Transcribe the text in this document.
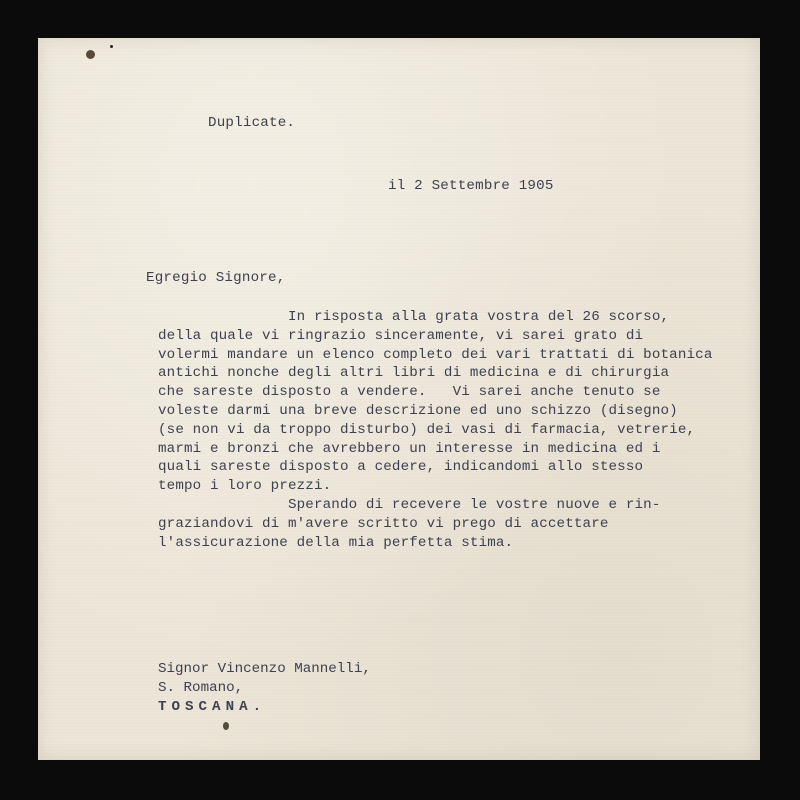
Duplicate.
il 2 Settembre 1905
Egregio Signore,
In risposta alla grata vostra del 26 scorso,
della quale vi ringrazio sinceramente, vi sarei grato di
volermi mandare un elenco completo dei vari trattati di botanica
antichi nonche degli altri libri di medicina e di chirurgia
che sareste disposto a vendere.   Vi sarei anche tenuto se
voleste darmi una breve descrizione ed uno schizzo (disegno)
(se non vi da troppo disturbo) dei vasi di farmacia, vetrerie,
marmi e bronzi che avrebbero un interesse in medicina ed i
quali sareste disposto a cedere, indicandomi allo stesso
tempo i loro prezzi.
Sperando di recevere le vostre nuove e rin-
graziandovi di m'avere scritto vi prego di accettare
l'assicurazione della mia perfetta stima.
Signor Vincenzo Mannelli,
S. Romano,
TOSCANA.
